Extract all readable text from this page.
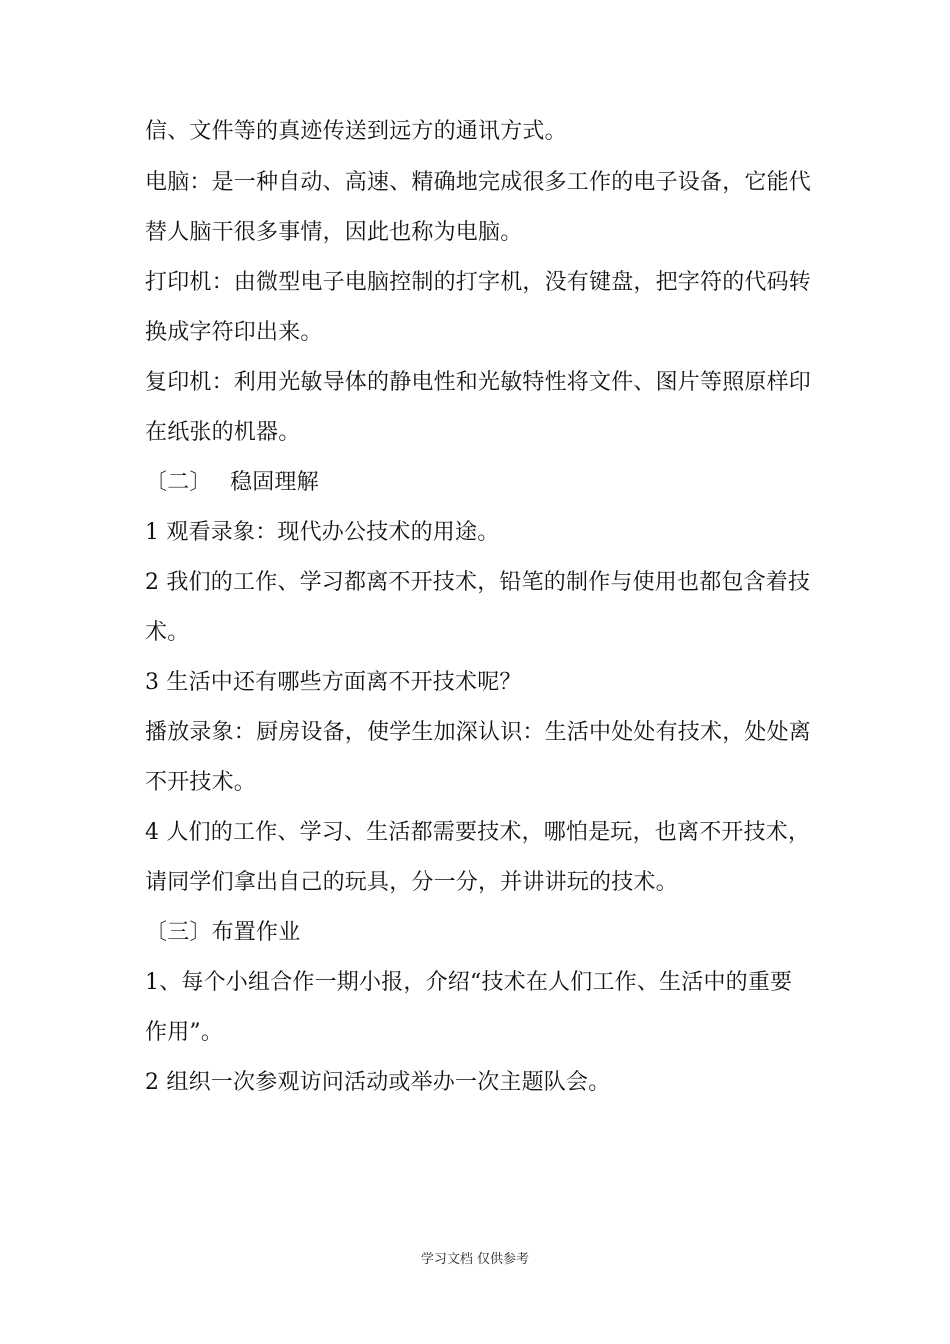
信、文件等的真迹传送到远方的通讯方式。
电脑：是一种自动、高速、精确地完成很多工作的电子设备，它能代
替人脑干很多事情，因此也称为电脑。
打印机：由微型电子电脑控制的打字机，没有键盘，把字符的代码转
换成字符印出来。
复印机：利用光敏导体的静电性和光敏特性将文件、图片等照原样印
在纸张的机器。
〔二〕　 稳固理解
1 观看录象：现代办公技术的用途。
2 我们的工作、学习都离不开技术，铅笔的制作与使用也都包含着技
术。
3 生活中还有哪些方面离不开技术呢？
播放录象：厨房设备，使学生加深认识：生活中处处有技术，处处离
不开技术。
4 人们的工作、学习、生活都需要技术，哪怕是玩，也离不开技术，
请同学们拿出自己的玩具，分一分，并讲讲玩的技术。
〔三〕布置作业
1、每个小组合作一期小报，介绍“技术在人们工作、生活中的重要
作用”。
2 组织一次参观访问活动或举办一次主题队会。
学习文档 仅供参考
